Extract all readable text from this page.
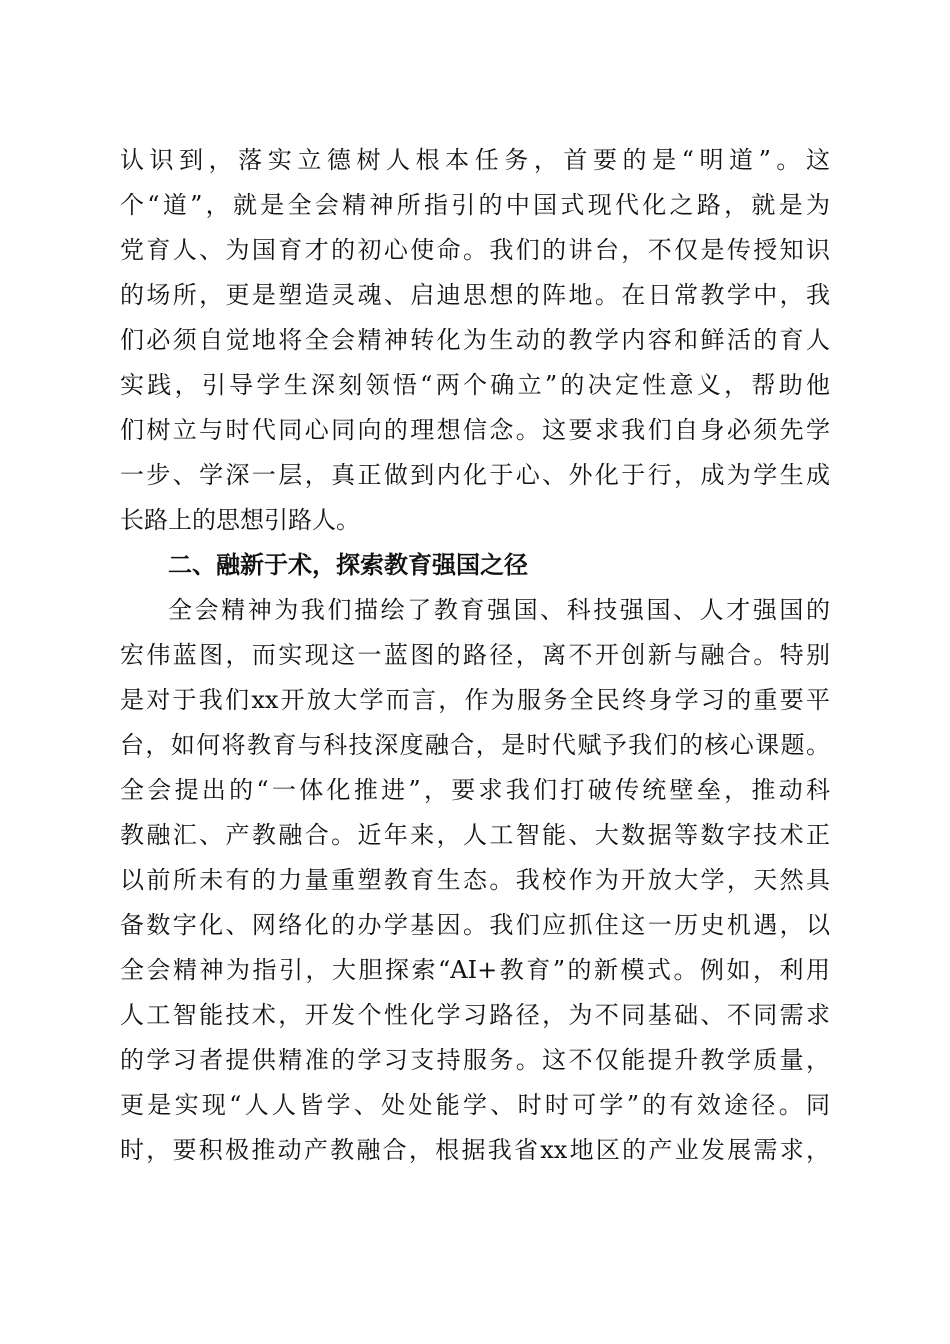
认识到，落实立德树人根本任务，首要的是“明道”。这
个“道”，就是全会精神所指引的中国式现代化之路，就是为
党育人、为国育才的初心使命。我们的讲台，不仅是传授知识
的场所，更是塑造灵魂、启迪思想的阵地。在日常教学中，我
们必须自觉地将全会精神转化为生动的教学内容和鲜活的育人
实践，引导学生深刻领悟“两个确立”的决定性意义，帮助他
们树立与时代同心同向的理想信念。这要求我们自身必须先学
一步、学深一层，真正做到内化于心、外化于行，成为学生成
长路上的思想引路人。
二、融新于术，探索教育强国之径
全会精神为我们描绘了教育强国、科技强国、人才强国的
宏伟蓝图，而实现这一蓝图的路径，离不开创新与融合。特别
是对于我们xx开放大学而言，作为服务全民终身学习的重要平
台，如何将教育与科技深度融合，是时代赋予我们的核心课题。
全会提出的“一体化推进”，要求我们打破传统壁垒，推动科
教融汇、产教融合。近年来，人工智能、大数据等数字技术正
以前所未有的力量重塑教育生态。我校作为开放大学，天然具
备数字化、网络化的办学基因。我们应抓住这一历史机遇，以
全会精神为指引，大胆探索“AI+教育”的新模式。例如，利用
人工智能技术，开发个性化学习路径，为不同基础、不同需求
的学习者提供精准的学习支持服务。这不仅能提升教学质量，
更是实现“人人皆学、处处能学、时时可学”的有效途径。同
时，要积极推动产教融合，根据我省xx地区的产业发展需求，
